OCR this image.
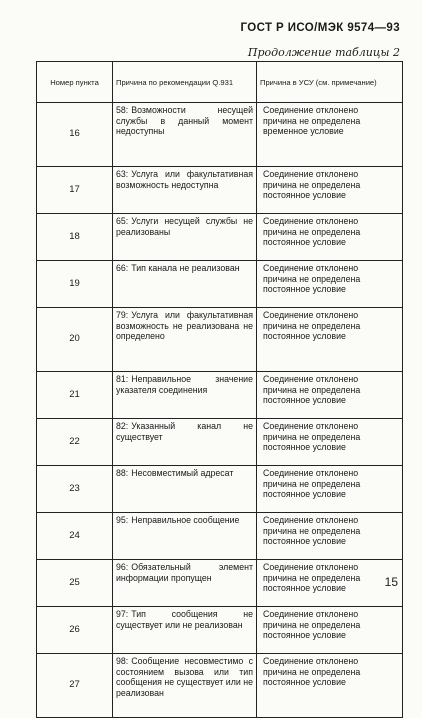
ГОСТ Р ИСО/МЭК 9574—93
Продолжение таблицы 2
Номер пункта	Причина по рекомендации Q.931	Причина в УСУ (см. примечание)
16	58: Возможности несущей службы в данный момент недоступны	Соединение отклонено
причина не определена
временное условие

17	63: Услуга или факультативная возможность недоступна	Соединение отклонено
причина не определена
постоянное условие

18	65: Услуги несущей службы не реализованы	Соединение отклонено
причина не определена
постоянное условие

19	66: Тип канала не реализован	Соединение отклонено
причина не определена
постоянное условие

20	79: Услуга или факультативная возможность не реализована не определено	Соединение отклонено
причина не определена
постоянное условие

21	81: Неправильное значение указателя соединения	Соединение отклонено
причина не определена
постоянное условие

22	82: Указанный канал не существует	Соединение отклонено
причина не определена
постоянное условие

23	88: Несовместимый адресат	Соединение отклонено
причина не определена
постоянное условие

24	95: Неправильное сообщение	Соединение отклонено
причина не определена
постоянное условие

25	96: Обязательный элемент информации пропущен	Соединение отклонено
причина не определена
постоянное условие

26	97: Тип сообщения не существует или не реализован	Соединение отклонено
причина не определена
постоянное условие

27	98: Сообщение несовместимо с состоянием вызова или тип сообщения не существует или не реализован	Соединение отклонено
причина не определена
постоянное условие
15
